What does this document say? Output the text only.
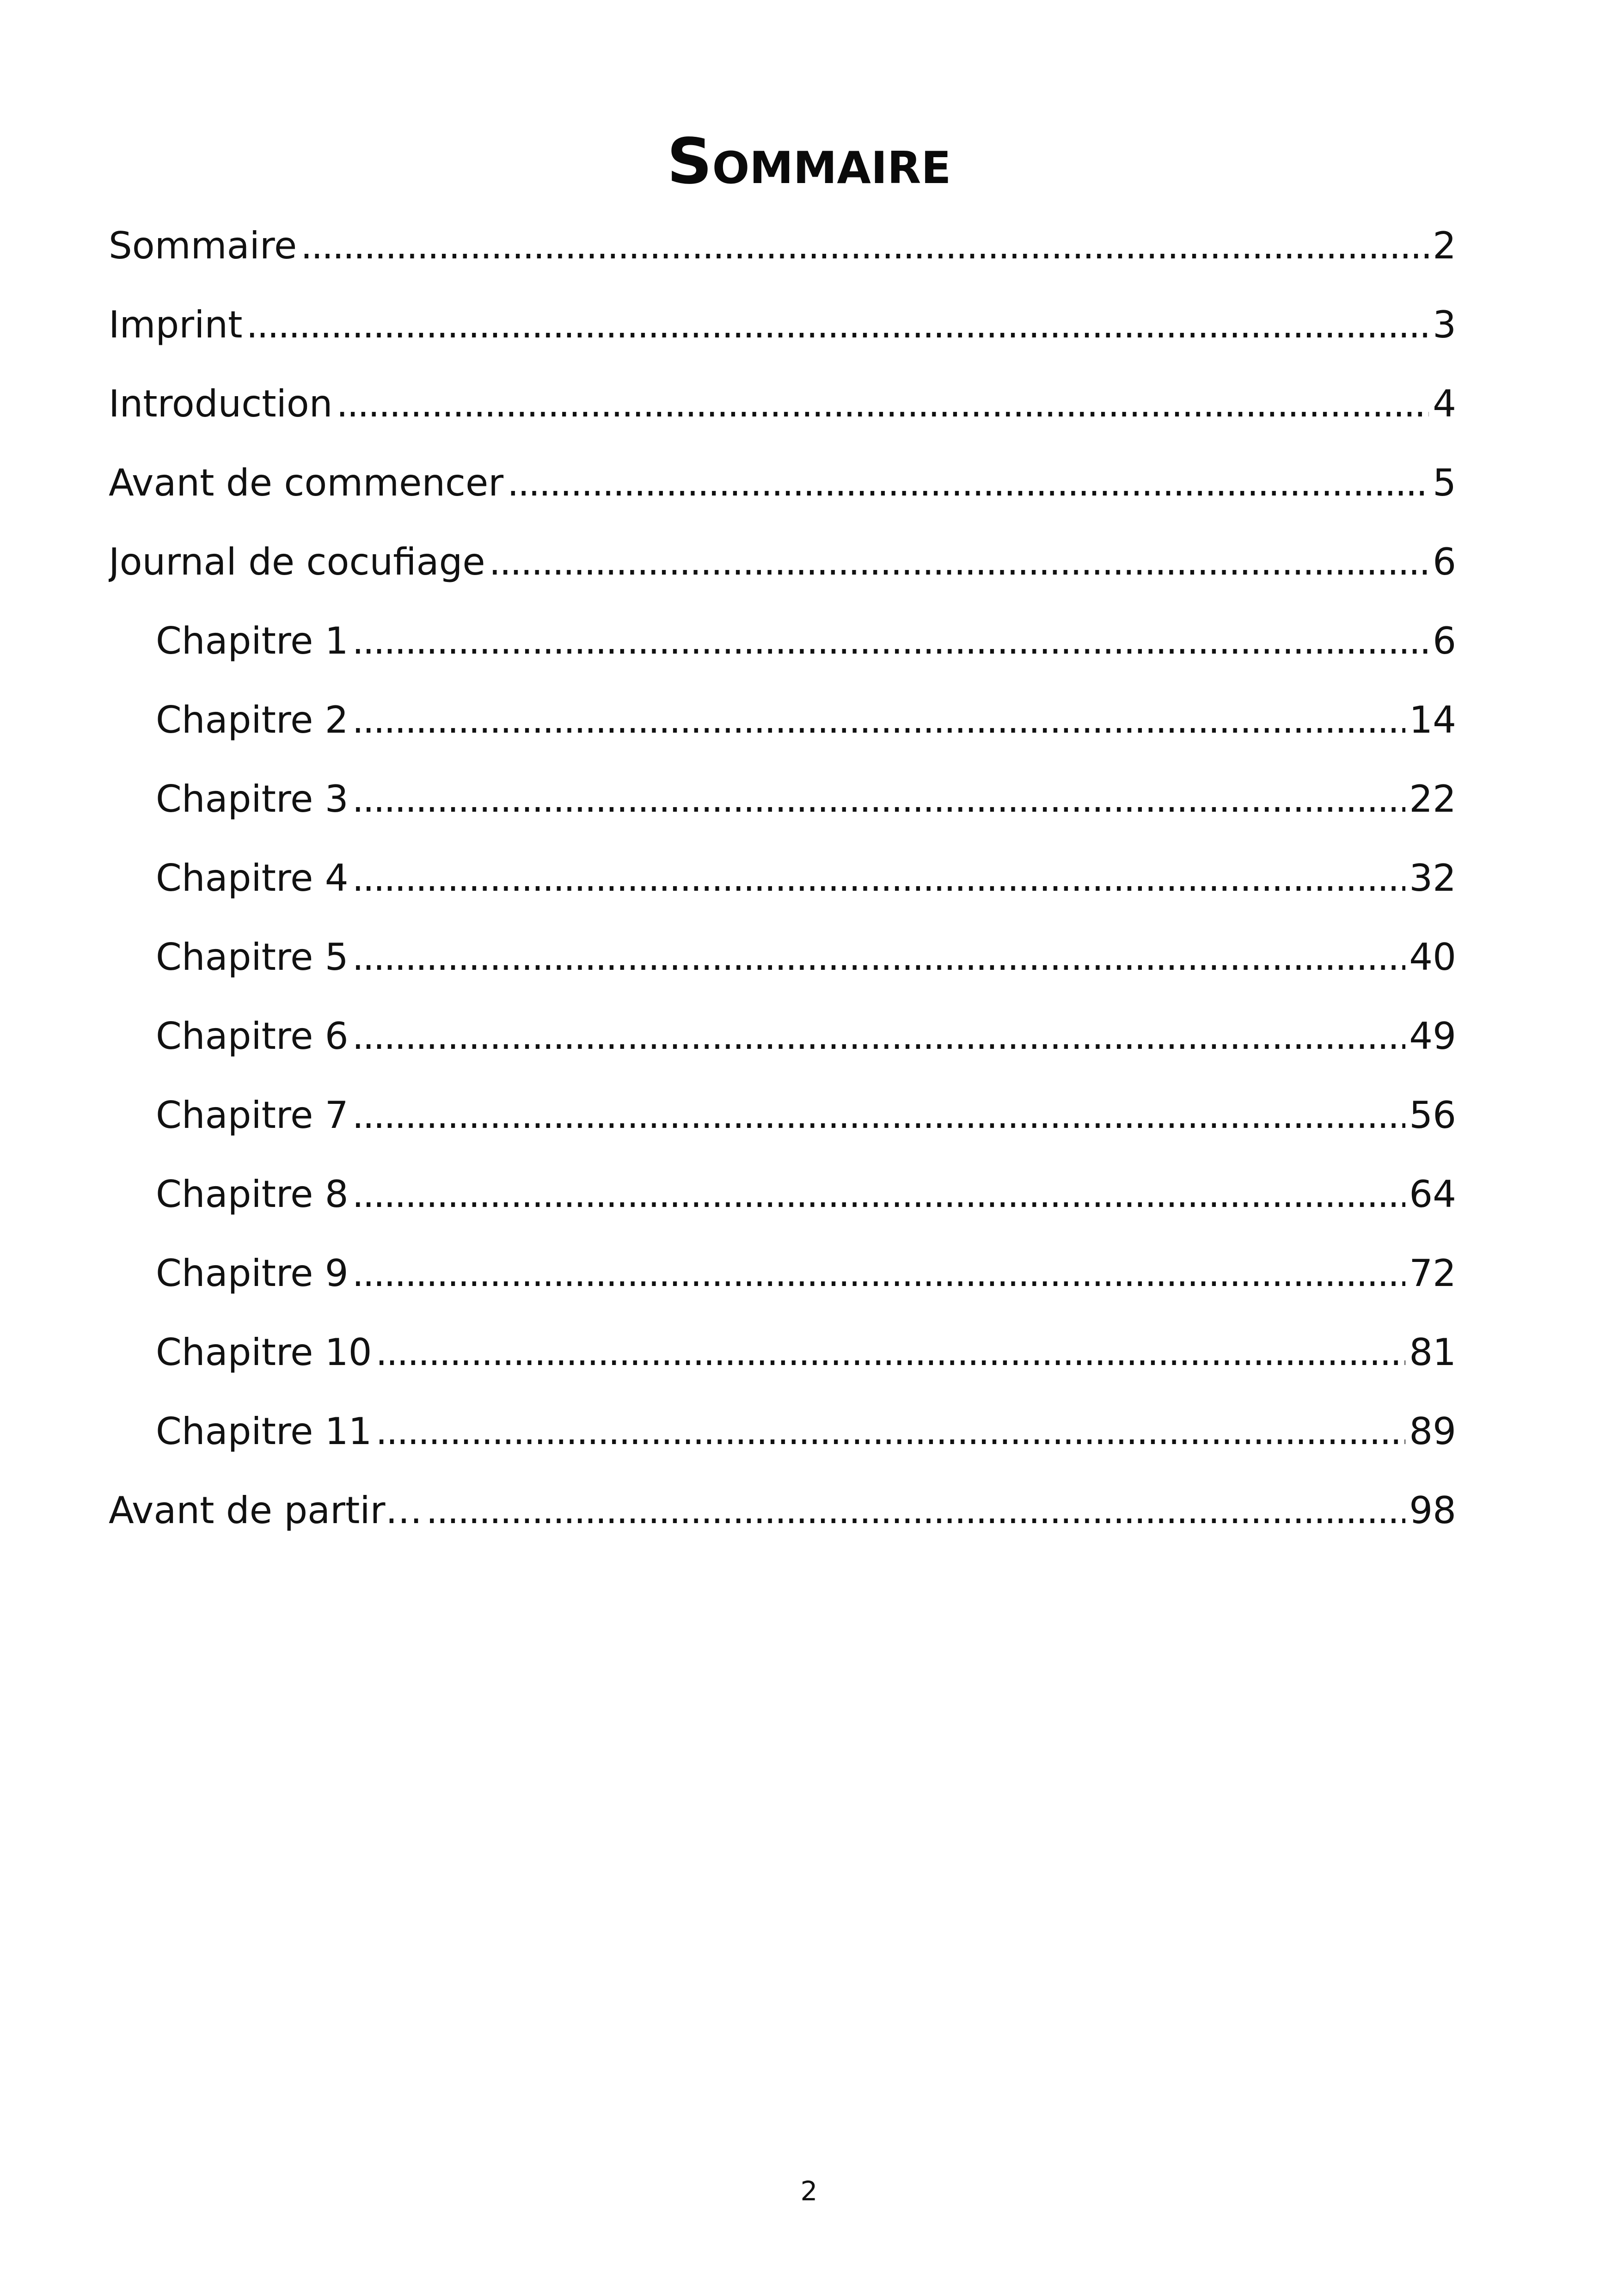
Sommaire
Sommaire . . .	2
Imprint . . .	3
Introduction . . .	4
Avant de commencer . . .	5
Journal de cocufiage . . .	6
Chapitre 1 . . .	6
Chapitre 2 . . .	14
Chapitre 3 . . .	22
Chapitre 4 . . .	32
Chapitre 5 . . .	40
Chapitre 6 . . .	49
Chapitre 7 . . .	56
Chapitre 8 . . .	64
Chapitre 9 . . .	72
Chapitre 10 . . .	81
Chapitre 11 . . .	89
Avant de partir… . . .	98
2
